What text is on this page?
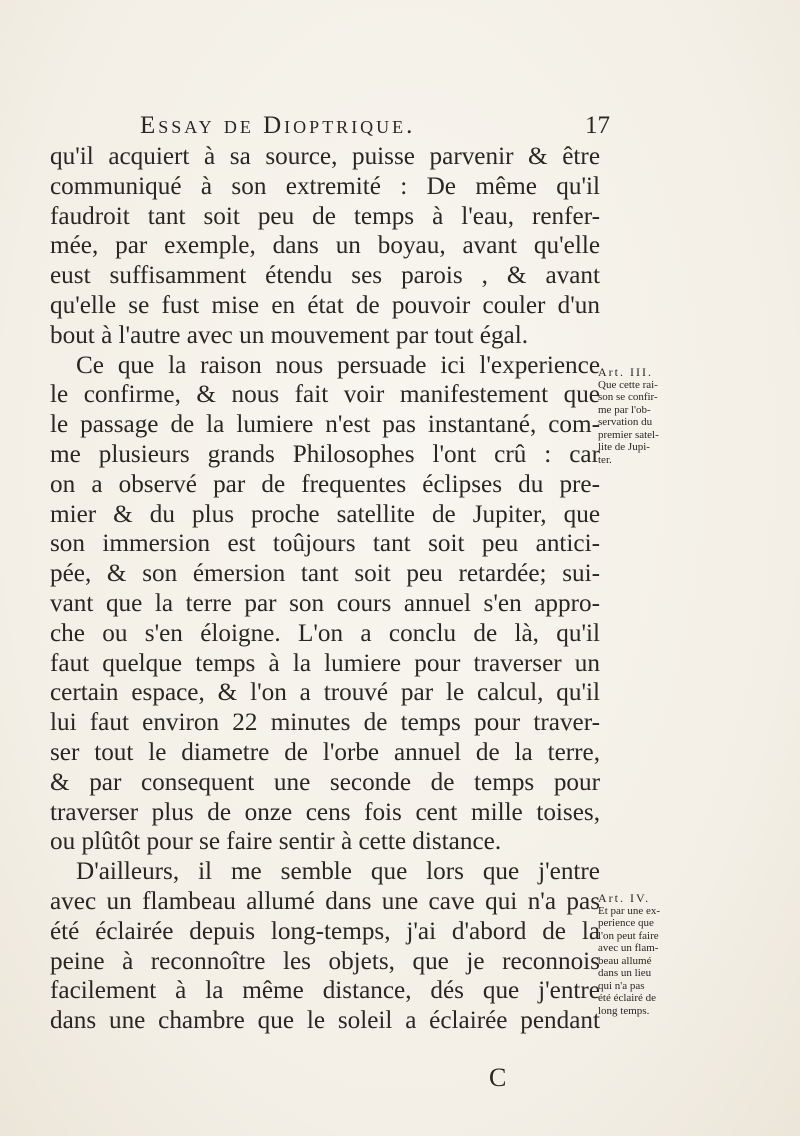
Essay de Dioptrique.	17
qu'il acquiert à sa source, puisse parvenir & être
communiqué à son extremité : De même qu'il
faudroit tant soit peu de temps à l'eau, renfer-
mée, par exemple, dans un boyau, avant qu'elle
eust suffisamment étendu ses parois , & avant
qu'elle se fust mise en état de pouvoir couler d'un
bout à l'autre avec un mouvement par tout égal.
Ce que la raison nous persuade ici l'experience
le confirme, & nous fait voir manifestement que
le passage de la lumiere n'est pas instantané, com-
me plusieurs grands Philosophes l'ont crû : car
on a observé par de frequentes éclipses du pre-
mier & du plus proche satellite de Jupiter, que
son immersion est toûjours tant soit peu antici-
pée, & son émersion tant soit peu retardée; sui-
vant que la terre par son cours annuel s'en appro-
che ou s'en éloigne. L'on a conclu de là, qu'il
faut quelque temps à la lumiere pour traverser un
certain espace, & l'on a trouvé par le calcul, qu'il
lui faut environ 22 minutes de temps pour traver-
ser tout le diametre de l'orbe annuel de la terre,
& par consequent une seconde de temps pour
traverser plus de onze cens fois cent mille toises,
ou plûtôt pour se faire sentir à cette distance.
D'ailleurs, il me semble que lors que j'entre
avec un flambeau allumé dans une cave qui n'a pas
été éclairée depuis long-temps, j'ai d'abord de la
peine à reconnoître les objets, que je reconnois
facilement à la même distance, dés que j'entre
dans une chambre que le soleil a éclairée pendant
Art. III.
Que cette rai-
son se confir-
me par l'ob-
servation du
premier satel-
lite de Jupi-
ter.
Art. IV.
Et par une ex-
perience que
l'on peut faire
avec un flam-
beau allumé
dans un lieu
qui n'a pas
été éclairé de
long temps.
C
